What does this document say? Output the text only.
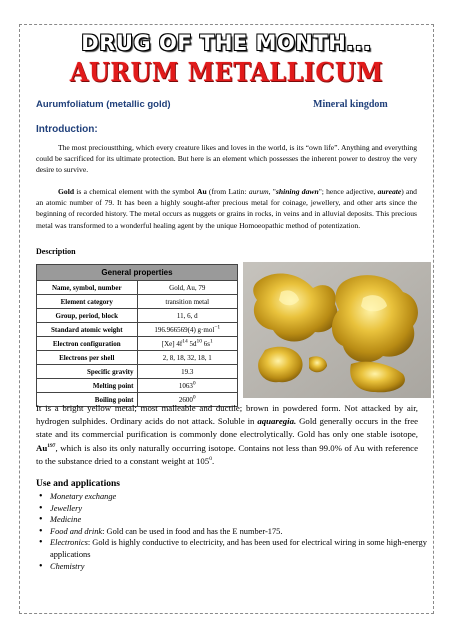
DRUG OF THE MONTH...
AURUM METALLICUM
Aurumfoliatum (metallic gold)	Mineral kingdom
Introduction:

The most precioustthing, which every creature likes and loves in the world, is its “own life”. Anything and everything could be sacrificed for its ultimate protection. But here is an element which possesses the inherent power to destroy the very desire to survive.

Gold is a chemical element with the symbol Au (from Latin: aurum, "shining dawn"; hence adjective, aureate) and an atomic number of 79. It has been a highly sought-after precious metal for coinage, jewellery, and other arts since the beginning of recorded history. The metal occurs as nuggets or grains in rocks, in veins and in alluvial deposits. This precious metal was transformed to a wonderful healing agent by the unique Homoeopathic method of potentization.

Description
General properties	
Name, symbol, number	Gold, Au, 79
Element category	transition metal
Group, period, block	11, 6, d
Standard atomic weight	196.966569(4) g·mol$^{-1}$
Electron configuration	[Xe] $4f^{14}$ $5d^{10}$ $6s^1$
Electrons per shell	2, 8, 18, 32, 18, 1
Specific gravity	19.3
Melting point	1063$^0$
Boiling point	2600$^0$
It is a bright yellow metal; most malleable and ductile; brown in powdered form. Not attacked by air, hydrogen sulphides. Ordinary acids do not attack. Soluble in aquaregia. Gold generally occurs in the free state and its commercial purification is commonly done electrolytically. Gold has only one stable isotope, Au$^{197}$, which is also its only naturally occurring isotope. Contains not less than 99.0% of Au with reference to the substance dried to a constant weight at $105^0$.
Use and applications
• Monetary exchange
• Jewellery
• Medicine
• Food and drink: Gold can be used in food and has the E number-175.
• Electronics: Gold is highly conductive to electricity, and has been used for electrical wiring in some high-energy applications
• Chemistry
